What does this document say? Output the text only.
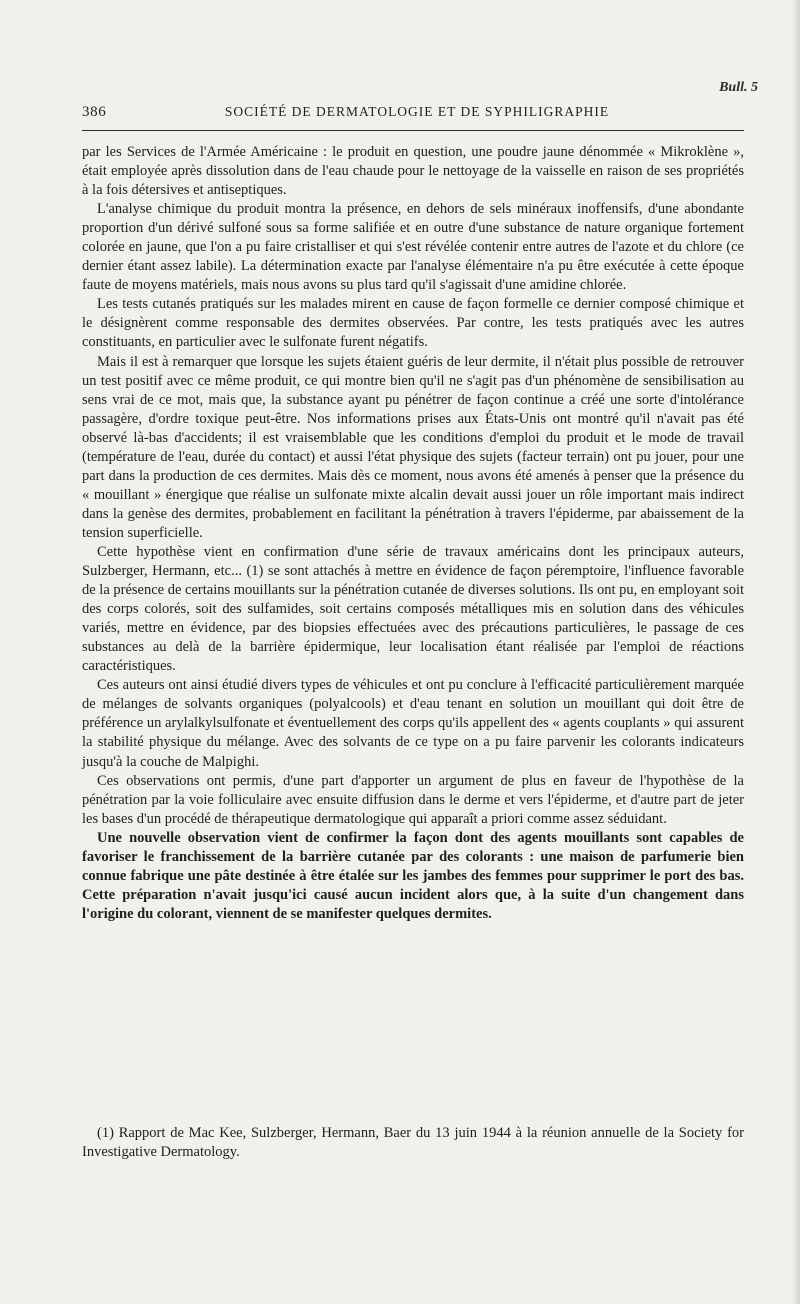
Bull. 5
386	SOCIÉTÉ DE DERMATOLOGIE ET DE SYPHILIGRAPHIE

par les Services de l'Armée Américaine : le produit en question, une poudre jaune dénommée « Mikroklène », était employée après dissolution dans de l'eau chaude pour le nettoyage de la vaisselle en raison de ses propriétés à la fois détersives et antiseptiques.

L'analyse chimique du produit montra la présence, en dehors de sels minéraux inoffensifs, d'une abondante proportion d'un dérivé sulfoné sous sa forme salifiée et en outre d'une substance de nature organique fortement colorée en jaune, que l'on a pu faire cristalliser et qui s'est révélée contenir entre autres de l'azote et du chlore (ce dernier étant assez labile). La détermination exacte par l'analyse élémentaire n'a pu être exécutée à cette époque faute de moyens matériels, mais nous avons su plus tard qu'il s'agissait d'une amidine chlorée.

Les tests cutanés pratiqués sur les malades mirent en cause de façon formelle ce dernier composé chimique et le désignèrent comme responsable des dermites observées. Par contre, les tests pratiqués avec les autres constituants, en particulier avec le sulfonate furent négatifs.

Mais il est à remarquer que lorsque les sujets étaient guéris de leur dermite, il n'était plus possible de retrouver un test positif avec ce même produit, ce qui montre bien qu'il ne s'agit pas d'un phénomène de sensibilisation au sens vrai de ce mot, mais que, la substance ayant pu pénétrer de façon continue a créé une sorte d'intolérance passagère, d'ordre toxique peut-être. Nos informations prises aux États-Unis ont montré qu'il n'avait pas été observé là-bas d'accidents; il est vraisemblable que les conditions d'emploi du produit et le mode de travail (température de l'eau, durée du contact) et aussi l'état physique des sujets (facteur terrain) ont pu jouer, pour une part dans la production de ces dermites. Mais dès ce moment, nous avons été amenés à penser que la présence du « mouillant » énergique que réalise un sulfonate mixte alcalin devait aussi jouer un rôle important mais indirect dans la genèse des dermites, probablement en facilitant la pénétration à travers l'épiderme, par abaissement de la tension superficielle.

Cette hypothèse vient en confirmation d'une série de travaux américains dont les principaux auteurs, Sulzberger, Hermann, etc... (1) se sont attachés à mettre en évidence de façon péremptoire, l'influence favorable de la présence de certains mouillants sur la pénétration cutanée de diverses solutions. Ils ont pu, en employant soit des corps colorés, soit des sulfamides, soit certains composés métalliques mis en solution dans des véhicules variés, mettre en évidence, par des biopsies effectuées avec des précautions particulières, le passage de ces substances au delà de la barrière épidermique, leur localisation étant réalisée par l'emploi de réactions caractéristiques.

Ces auteurs ont ainsi étudié divers types de véhicules et ont pu conclure à l'efficacité particulièrement marquée de mélanges de solvants organiques (polyalcools) et d'eau tenant en solution un mouillant qui doit être de préférence un arylalkylsulfonate et éventuellement des corps qu'ils appellent des « agents couplants » qui assurent la stabilité physique du mélange. Avec des solvants de ce type on a pu faire parvenir les colorants indicateurs jusqu'à la couche de Malpighi.

Ces observations ont permis, d'une part d'apporter un argument de plus en faveur de l'hypothèse de la pénétration par la voie folliculaire avec ensuite diffusion dans le derme et vers l'épiderme, et d'autre part de jeter les bases d'un procédé de thérapeutique dermatologique qui apparaît a priori comme assez séduidant.

Une nouvelle observation vient de confirmer la façon dont des agents mouillants sont capables de favoriser le franchissement de la barrière cutanée par des colorants : une maison de parfumerie bien connue fabrique une pâte destinée à être étalée sur les jambes des femmes pour supprimer le port des bas. Cette préparation n'avait jusqu'ici causé aucun incident alors que, à la suite d'un changement dans l'origine du colorant, viennent de se manifester quelques dermites.

(1) Rapport de Mac Kee, Sulzberger, Hermann, Baer du 13 juin 1944 à la réunion annuelle de la Society for Investigative Dermatology.
